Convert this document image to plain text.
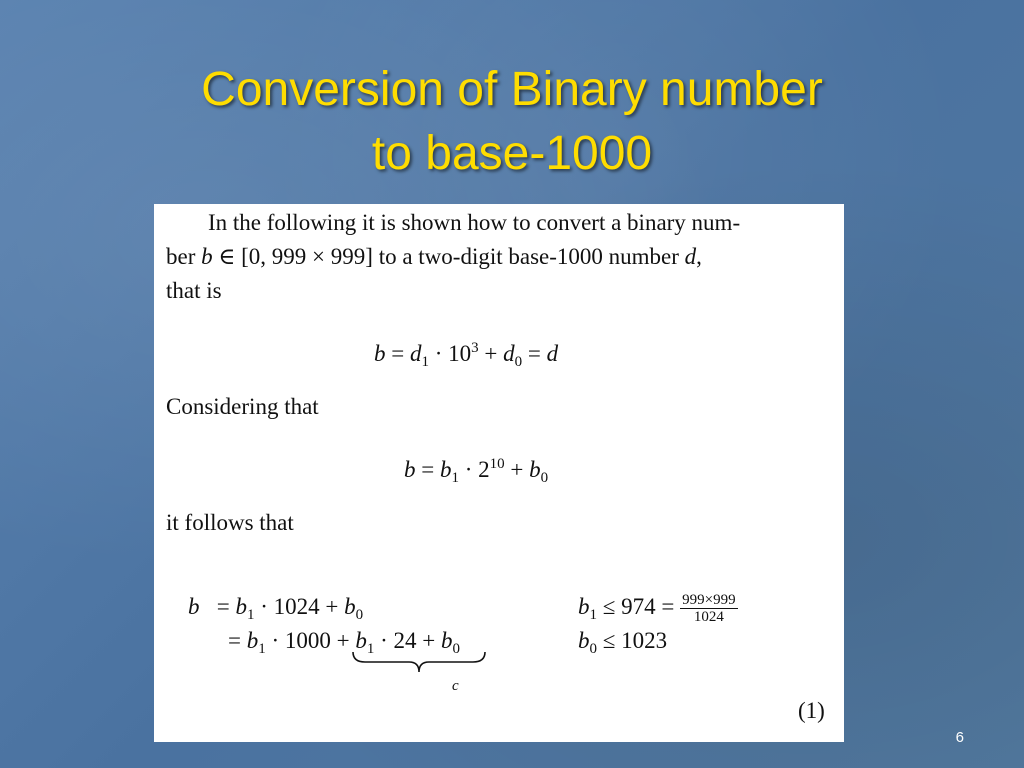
Conversion of Binary number
to base-1000
In the following it is shown how to convert a binary num-
ber b ∈ [0, 999 × 999] to a two-digit base-1000 number d,
that is
$b = d_1 \cdot 10^3 + d_0 = d$
Considering that
$b = b_1 \cdot 2^{10} + b_0$
it follows that
$b = b_1 \cdot 1024 + b_0$	$b_1 \le 974 = \frac{999\times 999}{1024}$
= $b_1 \cdot 1000 + b_1 \cdot 24 + b_0$	$b_0 \le 1023$
c
(1)
6
